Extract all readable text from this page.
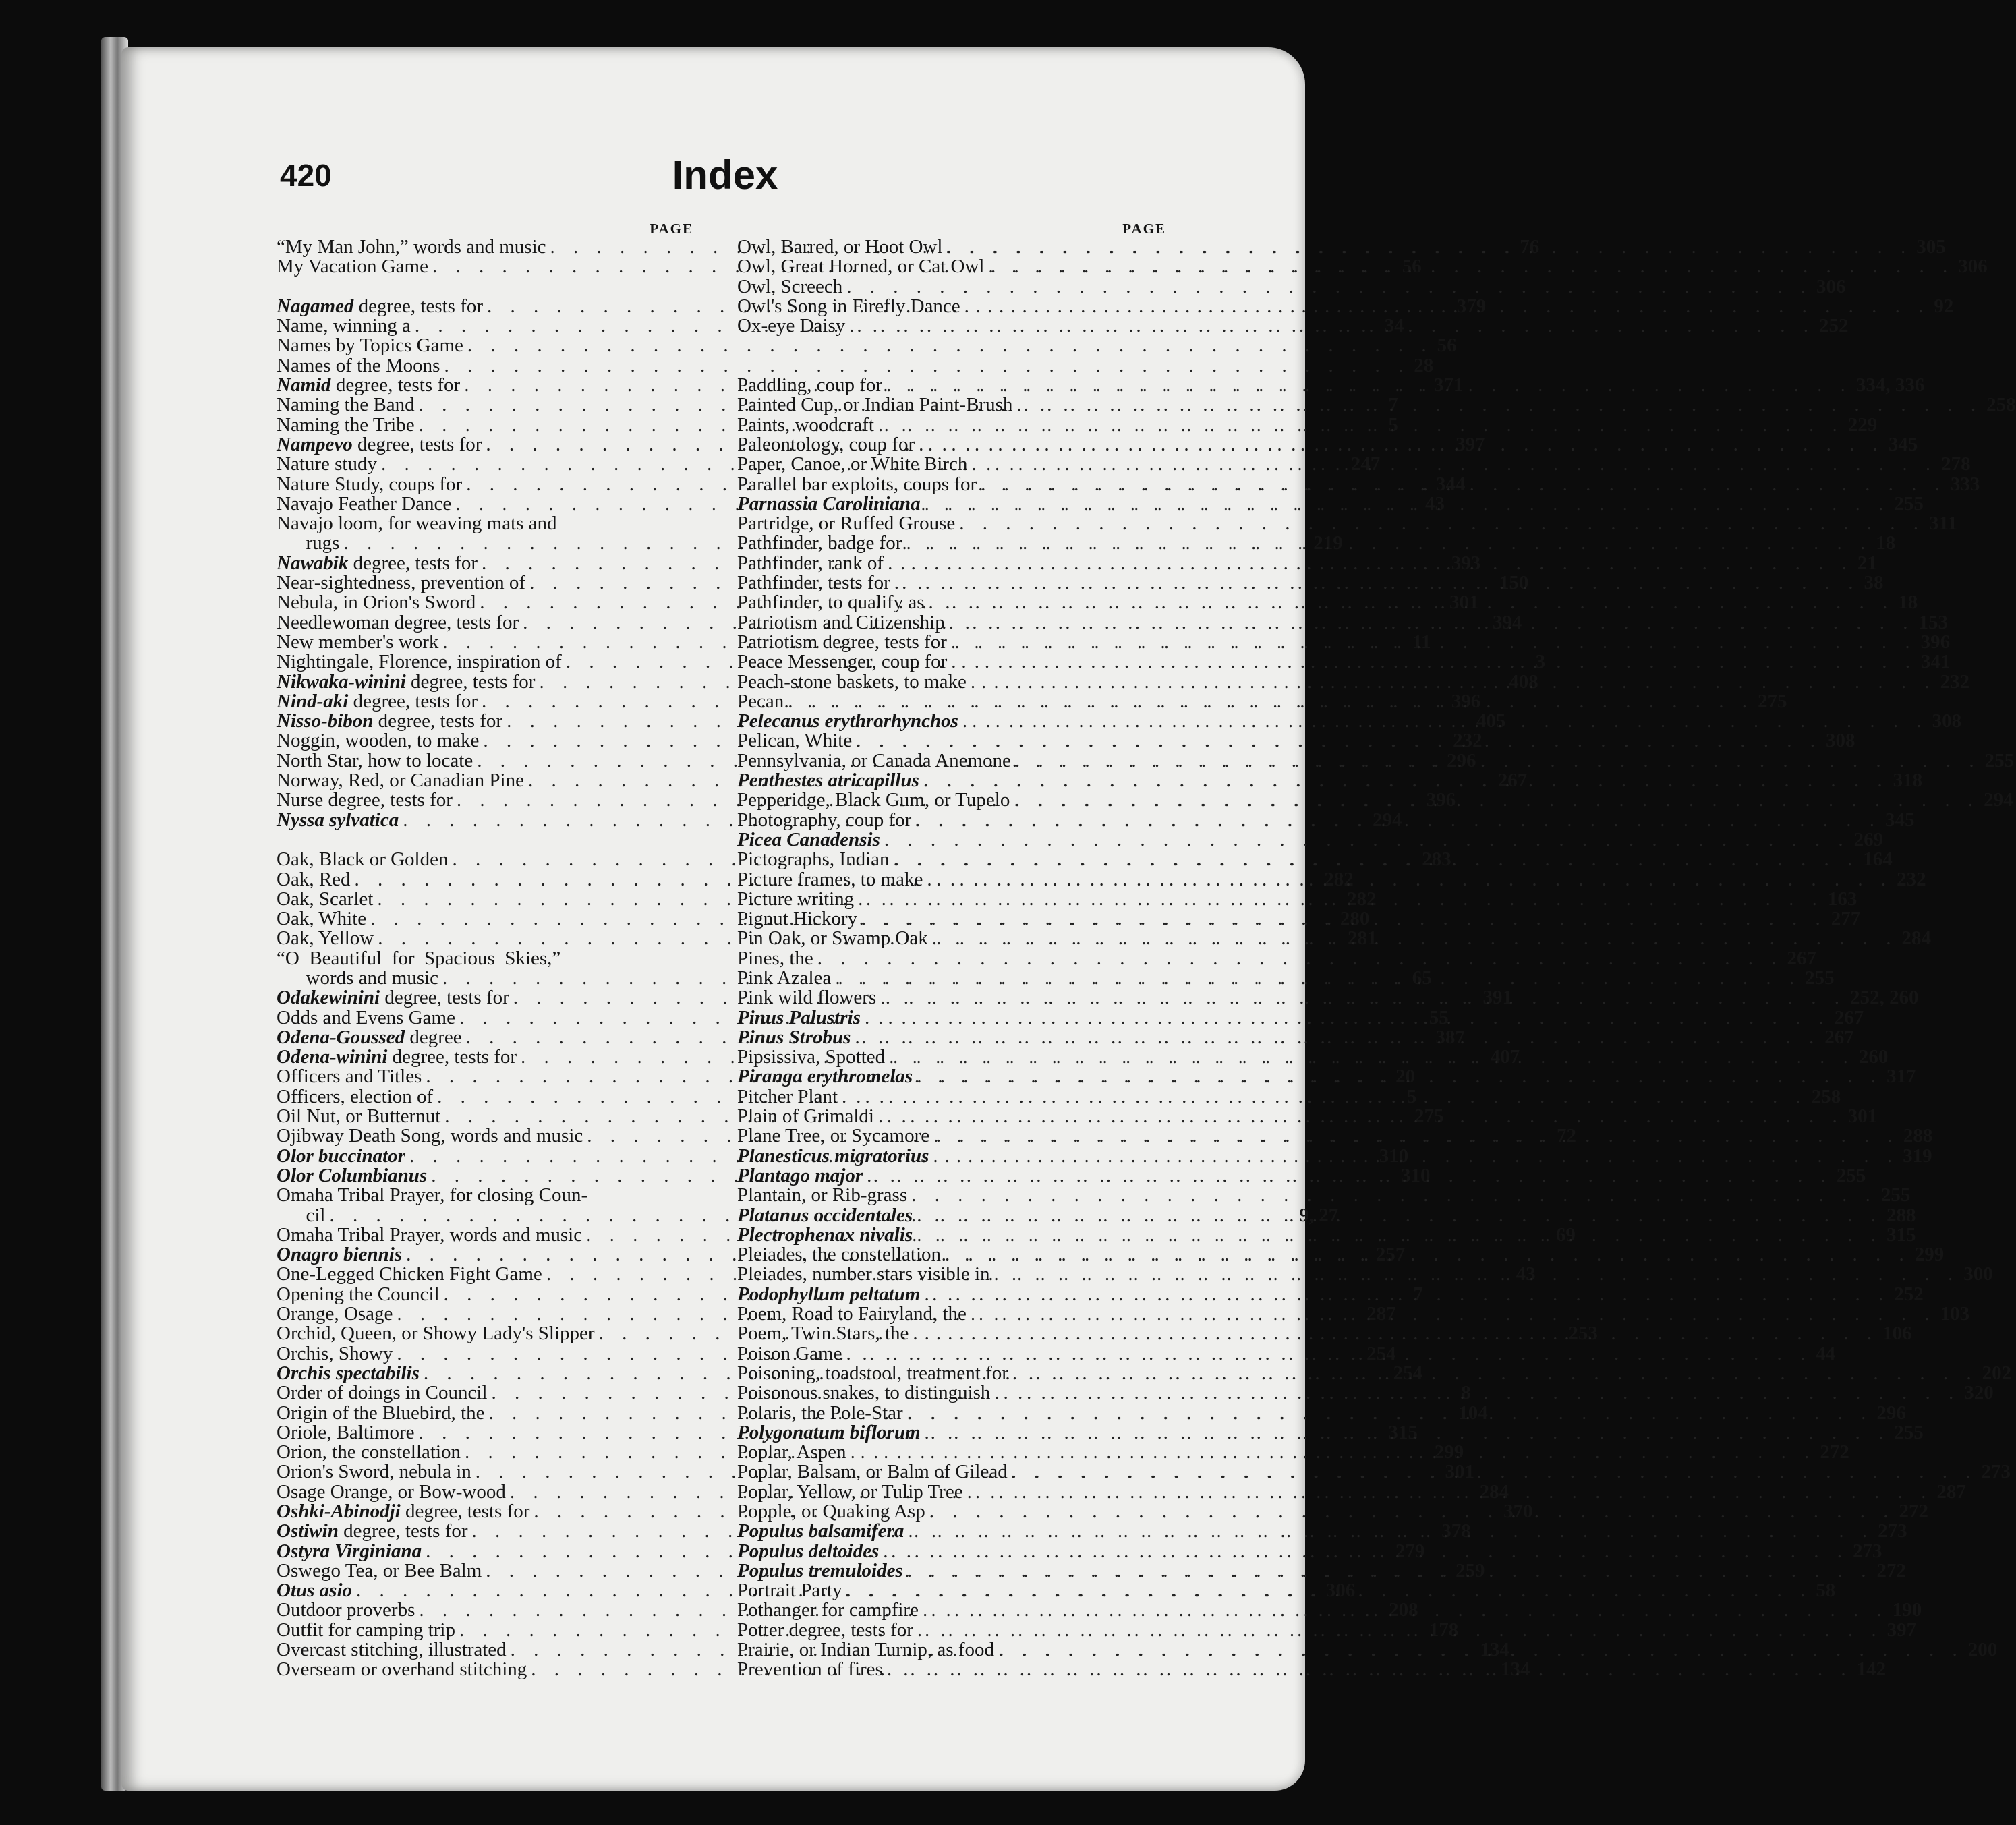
420	Index
PAGE
“My Man John,” words and music . . .	76
My Vacation Game . . .	56
Nagamed degree, tests for . . .	379
Name, winning a . . .	34
Names by Topics Game . . .	56
Names of the Moons . . .	28
Namid degree, tests for . . .	371
Naming the Band . . .	7
Naming the Tribe . . .	5
Nampevo degree, tests for . . .	397
Nature study . . .	247
Nature Study, coups for . . .	344
Navajo Feather Dance . . .	43
Navajo loom, for weaving mats and
rugs . . .	219
Nawabik degree, tests for . . .	393
Near-sightedness, prevention of . . .	150
Nebula, in Orion's Sword . . .	301
Needlewoman degree, tests for . . .	394
New member's work . . .	11
Nightingale, Florence, inspiration of . . .	3
Nikwaka-winini degree, tests for . . .	408
Nind-aki degree, tests for . . .	396
Nisso-bibon degree, tests for . . .	405
Noggin, wooden, to make . . .	232
North Star, how to locate . . .	296
Norway, Red, or Canadian Pine . . .	267
Nurse degree, tests for . . .	396
Nyssa sylvatica . . .	294
Oak, Black or Golden . . .	283
Oak, Red . . .	282
Oak, Scarlet . . .	282
Oak, White . . .	280
Oak, Yellow . . .	281
“O  Beautiful  for  Spacious  Skies,”
words and music . . .	65
Odakewinini degree, tests for . . .	391
Odds and Evens Game . . .	55
Odena-Goussed degree . . .	387
Odena-winini degree, tests for . . .	407
Officers and Titles . . .	20
Officers, election of . . .	5
Oil Nut, or Butternut . . .	275
Ojibway Death Song, words and music . . .	72
Olor buccinator . . .	310
Olor Columbianus . . .	310
Omaha Tribal Prayer, for closing Coun-
cil . . .	9, 27
Omaha Tribal Prayer, words and music . . .	69
Onagro biennis . . .	257
One-Legged Chicken Fight Game . . .	43
Opening the Council . . .	7
Orange, Osage . . .	287
Orchid, Queen, or Showy Lady's Slipper . . .	253
Orchis, Showy . . .	254
Orchis spectabilis . . .	254
Order of doings in Council . . .	8
Origin of the Bluebird, the . . .	104
Oriole, Baltimore . . .	315
Orion, the constellation . . .	299
Orion's Sword, nebula in . . .	301
Osage Orange, or Bow-wood . . .	284
Oshki-Abinodji degree, tests for . . .	370
Ostiwin degree, tests for . . .	378
Ostyra Virginiana . . .	279
Oswego Tea, or Bee Balm . . .	259
Otus asio . . .	306
Outdoor proverbs . . .	208
Outfit for camping trip . . .	178
Overcast stitching, illustrated . . .	134
Overseam or overhand stitching . . .	134
PAGE
Owl, Barred, or Hoot Owl . . .	305
Owl, Great Horned, or Cat Owl . . .	306
Owl, Screech . . .	306
Owl's Song in Firefly Dance . . .	92
Ox-eye Daisy . . .	252
Paddling, coup for . . .	334, 336
Painted Cup, or Indian Paint-Brush . . .	258
Paints, woodcraft . . .	229
Paleontology, coup for . . .	345
Paper, Canoe, or White Birch . . .	278
Parallel bar exploits, coups for . . .	333
Parnassia Caroliniana . . .	255
Partridge, or Ruffed Grouse . . .	311
Pathfinder, badge for . . .	18
Pathfinder, rank of . . .	21
Pathfinder, tests for . . .	38
Pathfinder, to qualify as . . .	18
Patriotism and Citizenship . . .	153
Patriotism degree, tests for . . .	396
Peace Messenger, coup for . . .	341
Peach-stone baskets, to make . . .	232
Pecan . . .	275
Pelecanus erythrorhynchos . . .	308
Pelican, White . . .	308
Pennsylvania, or Canada Anemone . . .	255
Penthestes atricapillus . . .	318
Pepperidge, Black Gum, or Tupelo . . .	294
Photography, coup for . . .	345
Picea Canadensis . . .	269
Pictographs, Indian . . .	164
Picture frames, to make . . .	232
Picture writing . . .	163
Pignut Hickory . . .	277
Pin Oak, or Swamp Oak . . .	284
Pines, the . . .	267
Pink Azalea . . .	255
Pink wild flowers . . .	252, 260
Pinus Palustris . . .	267
Pinus Strobus . . .	267
Pipsissiva, Spotted . . .	260
Piranga erythromelas . . .	317
Pitcher Plant . . .	258
Plain of Grimaldi . . .	301
Plane Tree, or Sycamore . . .	288
Planesticus migratorius . . .	319
Plantago major . . .	255
Plantain, or Rib-grass . . .	255
Platanus occidentales . . .	288
Plectrophenax nivalis . . .	315
Pleiades, the constellation . . .	299
Pleiades, number stars visible in . . .	300
Podophyllum peltatum . . .	252
Poem, Road to Fairyland, the . . .	103
Poem, Twin Stars, the . . .	106
Poison Game . . .	44
Poisoning, toadstool, treatment for . . .	202
Poisonous snakes, to distinguish . . .	320
Polaris, the Pole-Star . . .	296
Polygonatum biflorum . . .	255
Poplar, Aspen . . .	272
Poplar, Balsam, or Balm of Gilead . . .	273
Poplar, Yellow, or Tulip Tree . . .	287
Popple, or Quaking Asp . . .	272
Populus balsamifera . . .	273
Populus deltoides . . .	273
Populus tremuloides . . .	272
Portrait Party . . .	58
Pothanger for campfire . . .	190
Potter degree, tests for . . .	397
Prairie, or Indian Turnip, as food . . .	200
Prevention of fires . . .	142
